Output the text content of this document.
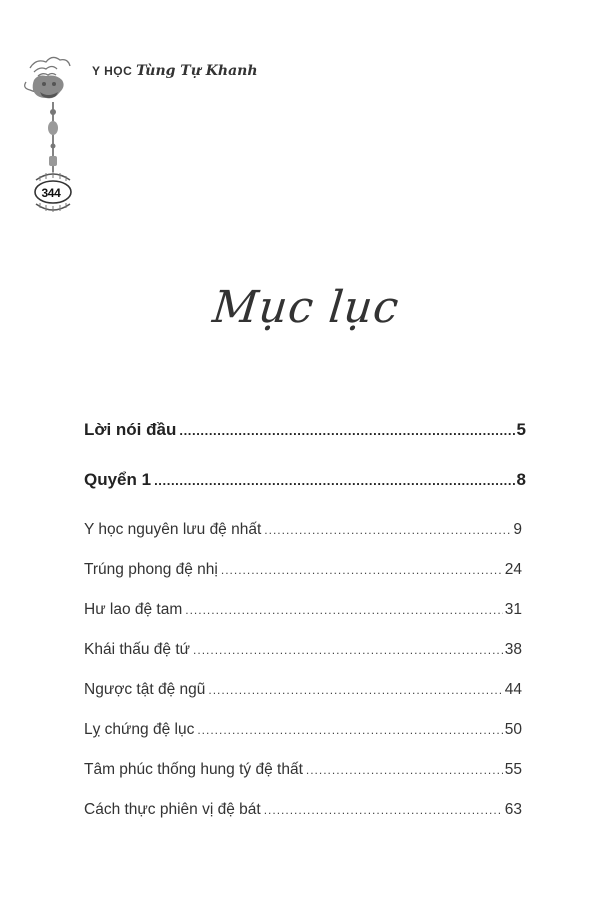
Y HỌC Tùng Tự Khanh
344
Mục lục
Lời nói đầu .....	5
Quyển 1 .....	8
Y học nguyên lưu đệ nhất .....	9
Trúng phong đệ nhị .....	24
Hư lao đệ tam .....	31
Khái thấu đệ tứ .....	38
Ngược tật đệ ngũ .....	44
Lỵ chứng đệ lục .....	50
Tâm phúc thống hung tý đệ thất .....	55
Cách thực phiên vị đệ bát .....	63
